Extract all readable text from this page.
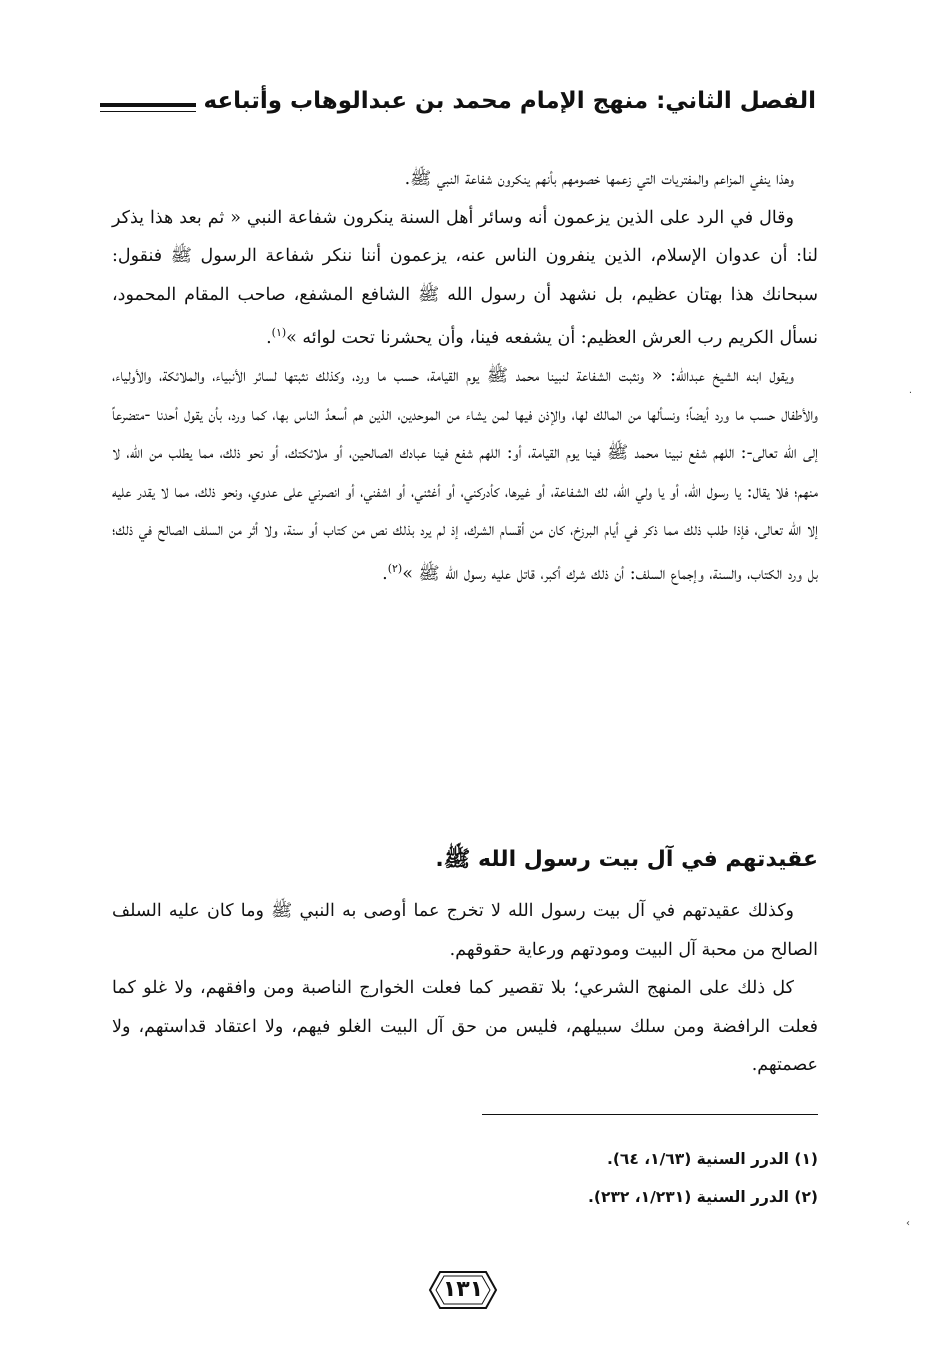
الفصل الثاني: منهج الإمام محمد بن عبدالوهاب وأتباعه

وهذا ينفي المزاعم والمفتريات التي زعمها خصومهم بأنهم ينكرون شفاعة النبي ﷺ.

وقال في الرد على الذين يزعمون أنه وسائر أهل السنة ينكرون شفاعة النبي « ثم بعد هذا يذكر لنا: أن عدوان الإسلام، الذين ينفرون الناس عنه، يزعمون أننا ننكر شفاعة الرسول ﷺ فنقول: سبحانك هذا بهتان عظيم، بل نشهد أن رسول الله ﷺ الشافع المشفع، صاحب المقام المحمود، نسأل الكريم رب العرش العظيم: أن يشفعه فينا، وأن يحشرنا تحت لوائه »$^{(١)}$.

ويقول ابنه الشيخ عبدالله: « ونثبت الشفاعة لنبينا محمد ﷺ يوم القيامة، حسب ما ورد، وكذلك نثبتها لسائر الأنبياء، والملائكة، والأولياء، والأطفال حسب ما ورد أيضاً؛ ونسألها من المالك لها، والإذن فيها لمن يشاء من الموحدين، الذين هم أسعدُ الناس بها، كما ورد، بأن يقول أحدنا -متضرعاً إلى الله تعالى-: اللهم شفع نبينا محمد ﷺ فينا يوم القيامة، أو: اللهم شفع فينا عبادك الصالحين، أو ملائكتك، أو نحو ذلك، مما يطلب من الله، لا منهم؛ فلا يقال: يا رسول الله، أو يا ولي الله، لك الشفاعة، أو غيرها، كأدركني، أو أغثني، أو اشفني، أو انصرني على عدوي، ونحو ذلك، مما لا يقدر عليه إلا الله تعالى، فإذا طلب ذلك مما ذكر في أيام البرزخ، كان من أقسام الشرك، إذ لم يرد بذلك نص من كتاب أو سنة، ولا أثر من السلف الصالح في ذلك؛ بل ورد الكتاب، والسنة، وإجماع السلف: أن ذلك شرك أكبر، قاتل عليه رسول الله ﷺ »$^{(٢)}$.

عقيدتهم في آل بيت رسول الله ﷺ.

وكذلك عقيدتهم في آل بيت رسول الله لا تخرج عما أوصى به النبي ﷺ وما كان عليه السلف الصالح من محبة آل البيت ومودتهم ورعاية حقوقهم.

كل ذلك على المنهج الشرعي؛ بلا تقصير كما فعلت الخوارج الناصبة ومن وافقهم، ولا غلو كما فعلت الرافضة ومن سلك سبيلهم، فليس من حق آل البيت الغلو فيهم، ولا اعتقاد قداستهم، ولا عصمتهم.

(١) الدرر السنية (١/٦٣، ٦٤).

(٢) الدرر السنية (١/٢٣١، ٢٣٢).

١٣١
·
›
